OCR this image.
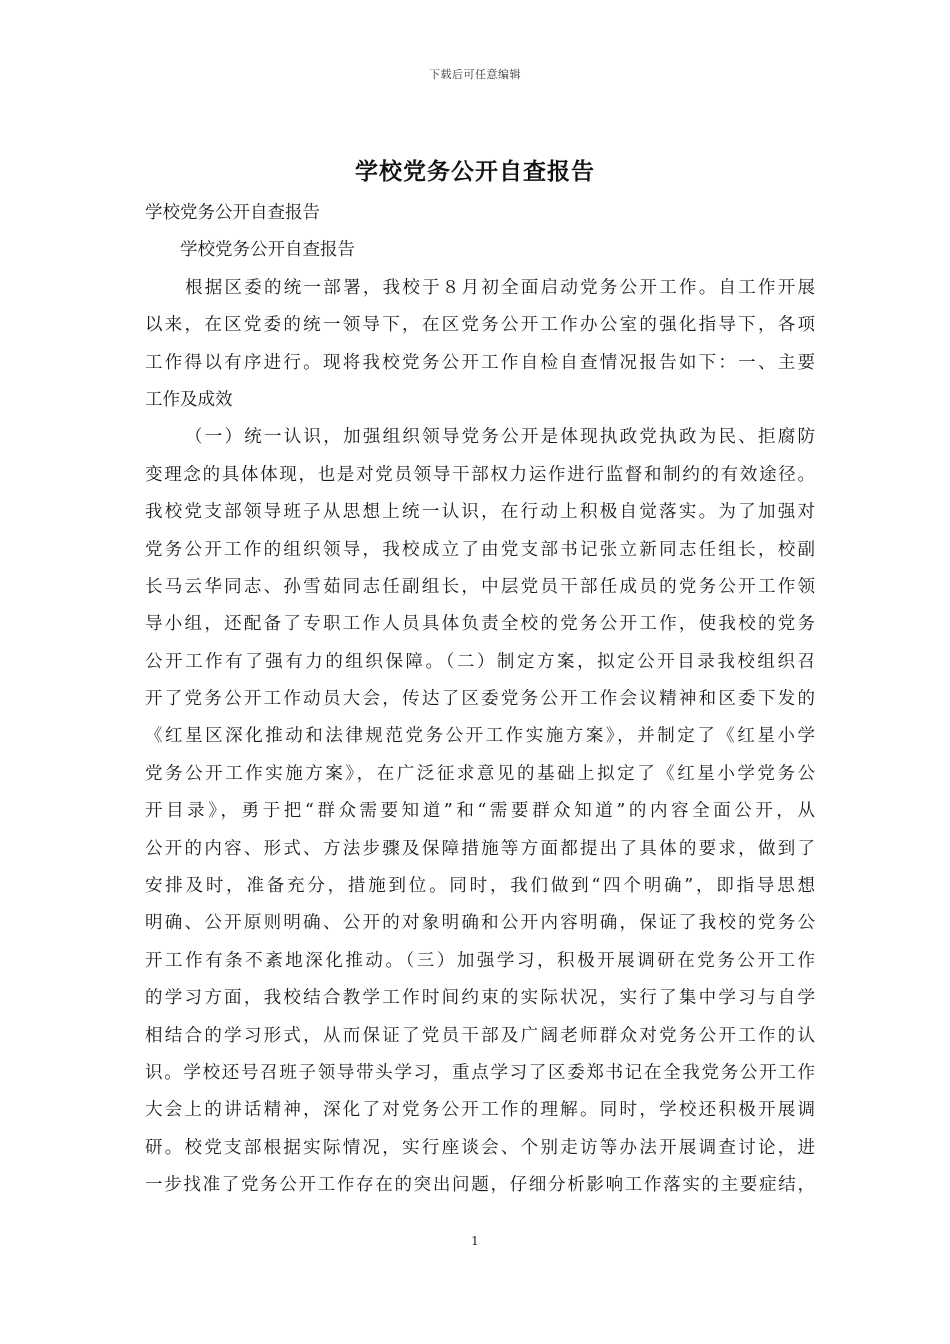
下载后可任意编辑
学校党务公开自查报告
学校党务公开自查报告
学校党务公开自查报告
根据区委的统一部署，我校于８月初全面启动党务公开工作。自工作开展
以来，在区党委的统一领导下，在区党务公开工作办公室的强化指导下，各项
工作得以有序进行。现将我校党务公开工作自检自查情况报告如下：一、主要
工作及成效
（一）统一认识，加强组织领导党务公开是体现执政党执政为民、拒腐防
变理念的具体体现，也是对党员领导干部权力运作进行监督和制约的有效途径。
我校党支部领导班子从思想上统一认识，在行动上积极自觉落实。为了加强对
党务公开工作的组织领导，我校成立了由党支部书记张立新同志任组长，校副
长马云华同志、孙雪茹同志任副组长，中层党员干部任成员的党务公开工作领
导小组，还配备了专职工作人员具体负责全校的党务公开工作，使我校的党务
公开工作有了强有力的组织保障。（二）制定方案，拟定公开目录我校组织召
开了党务公开工作动员大会，传达了区委党务公开工作会议精神和区委下发的
《红星区深化推动和法律规范党务公开工作实施方案》，并制定了《红星小学
党务公开工作实施方案》，在广泛征求意见的基础上拟定了《红星小学党务公
开目录》，勇于把“群众需要知道”和“需要群众知道”的内容全面公开，从
公开的内容、形式、方法步骤及保障措施等方面都提出了具体的要求，做到了
安排及时，准备充分，措施到位。同时，我们做到“四个明确”，即指导思想
明确、公开原则明确、公开的对象明确和公开内容明确，保证了我校的党务公
开工作有条不紊地深化推动。（三）加强学习，积极开展调研在党务公开工作
的学习方面，我校结合教学工作时间约束的实际状况，实行了集中学习与自学
相结合的学习形式，从而保证了党员干部及广阔老师群众对党务公开工作的认
识。学校还号召班子领导带头学习，重点学习了区委郑书记在全我党务公开工作
大会上的讲话精神，深化了对党务公开工作的理解。同时，学校还积极开展调
研。校党支部根据实际情况，实行座谈会、个别走访等办法开展调查讨论，进
一步找准了党务公开工作存在的突出问题，仔细分析影响工作落实的主要症结，
1
